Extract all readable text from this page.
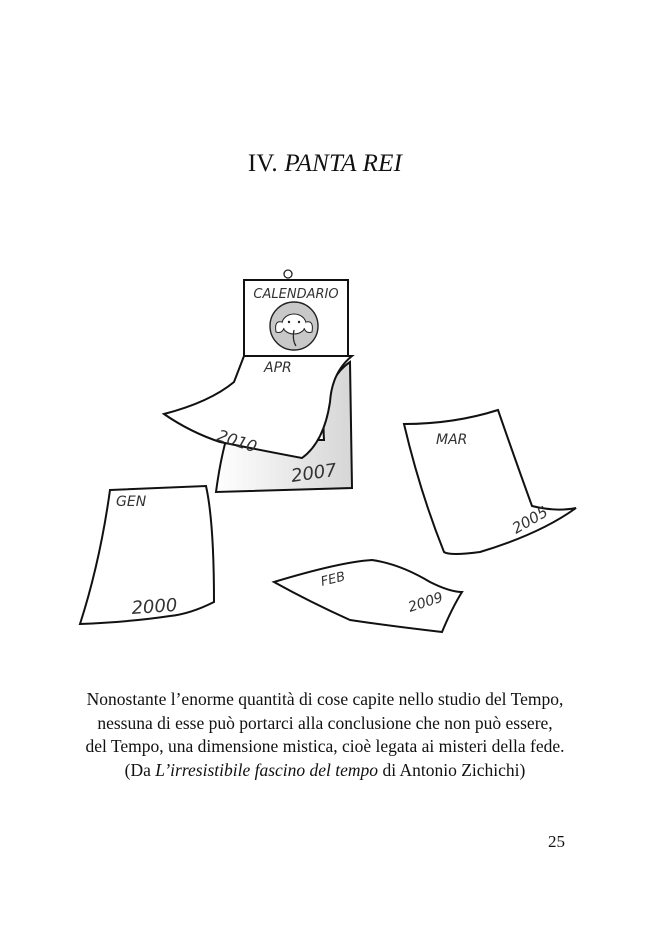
IV. PANTA REI
CALENDARIO
2007
APR
2010	MAR
2005
GEN
2000
FEB
2009
Nonostante l’enorme quantità di cose capite nello studio del Tempo,
nessuna di esse può portarci alla conclusione che non può essere,
del Tempo, una dimensione mistica, cioè legata ai misteri della fede.
(Da L’irresistibile fascino del tempo di Antonio Zichichi)
25
